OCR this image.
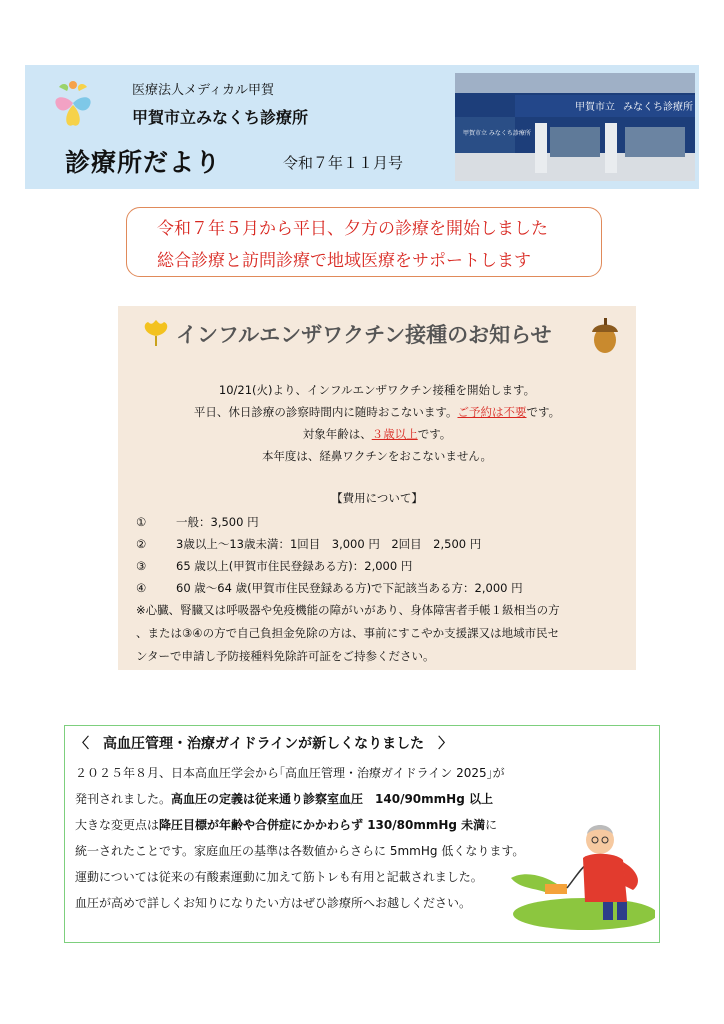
医療法人メディカル甲賀
甲賀市立みなくち診療所
診療所だより	令和７年１１月号
甲賀市立 みなくち診療所
甲賀市立 みなくち診療所
令和７年５月から平日、夕方の診療を開始しました
総合診療と訪問診療で地域医療をサポートします
インフルエンザワクチン接種のお知らせ
10/21(火)より、インフルエンザワクチン接種を開始します。
平日、休日診療の診察時間内に随時おこないます。ご予約は不要です。
対象年齢は、３歳以上です。
本年度は、経鼻ワクチンをおこないません。
【費用について】
①	一般：3,500 円
②	3歳以上～13歳未満：1回目　3,000 円　2回目　2,500 円
③	65 歳以上(甲賀市住民登録ある方)：2,000 円
④	60 歳～64 歳(甲賀市住民登録ある方)で下記該当ある方：2,000 円
※心臓、腎臓又は呼吸器や免疫機能の障がいがあり、身体障害者手帳１級相当の方
、または③④の方で自己負担金免除の方は、事前にすこやか支援課又は地域市民セ
ンターで申請し予防接種料免除許可証をご持参ください。
〈　高血圧管理・治療ガイドラインが新しくなりました　〉
２０２５年８月、日本高血圧学会から｢高血圧管理・治療ガイドライン 2025｣が
発刊されました。高血圧の定義は従来通り診察室血圧　140/90mmHg 以上
大きな変更点は降圧目標が年齢や合併症にかかわらず 130/80mmHg 未満に
統一されたことです。家庭血圧の基準は各数値からさらに 5mmHg 低くなります。
運動については従来の有酸素運動に加えて筋トレも有用と記載されました。
血圧が高めで詳しくお知りになりたい方はぜひ診療所へお越しください。
